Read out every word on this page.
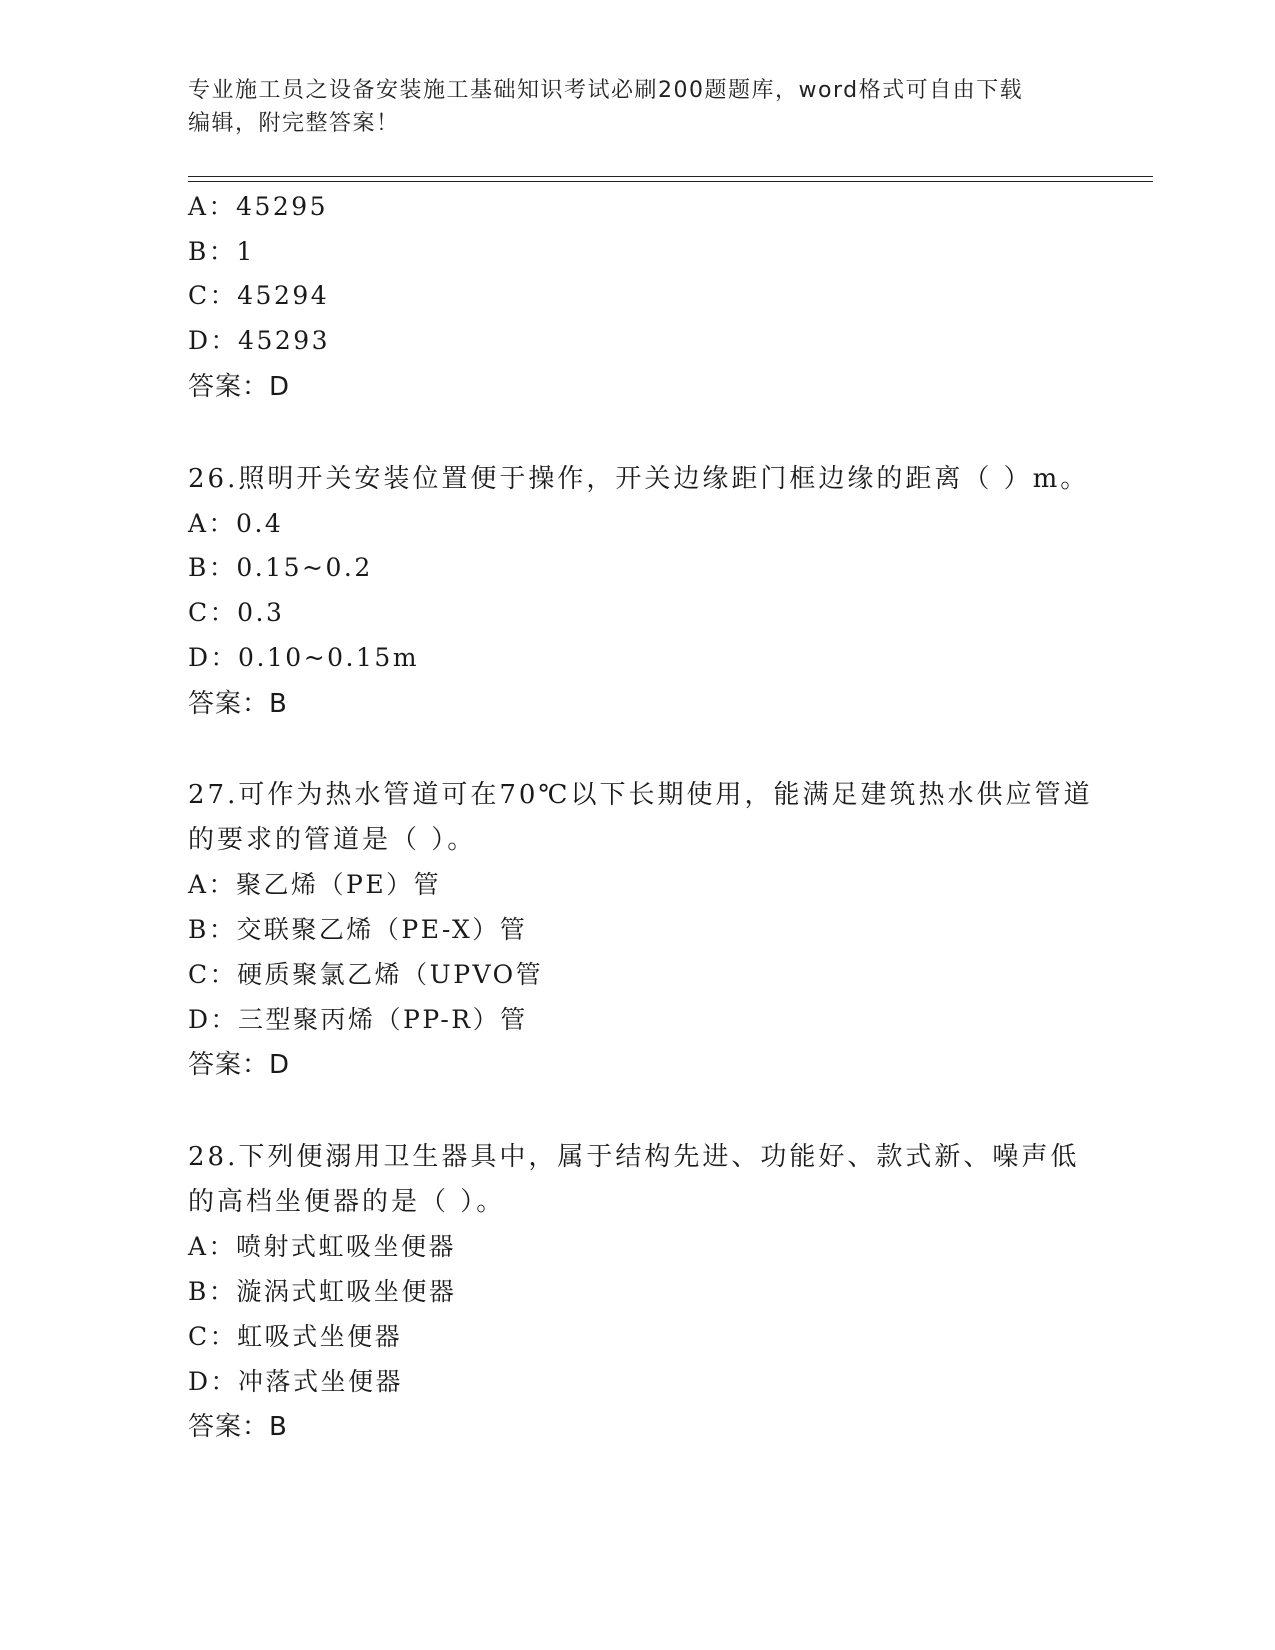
专业施工员之设备安装施工基础知识考试必刷200题题库，word格式可自由下载
编辑，附完整答案！
A：45295
B：1
C：45294
D：45293
答案：D
26.照明开关安装位置便于操作，开关边缘距门框边缘的距离（ ）m。
A：0.4
B：0.15~0.2
C：0.3
D：0.10~0.15m
答案：B
27.可作为热水管道可在70℃以下长期使用，能满足建筑热水供应管道
的要求的管道是（ ）。
A：聚乙烯（PE）管
B：交联聚乙烯（PE-X）管
C：硬质聚氯乙烯（UPVO管
D：三型聚丙烯（PP-R）管
答案：D
28.下列便溺用卫生器具中，属于结构先进、功能好、款式新、噪声低
的高档坐便器的是（ ）。
A：喷射式虹吸坐便器
B：漩涡式虹吸坐便器
C：虹吸式坐便器
D：冲落式坐便器
答案：B
